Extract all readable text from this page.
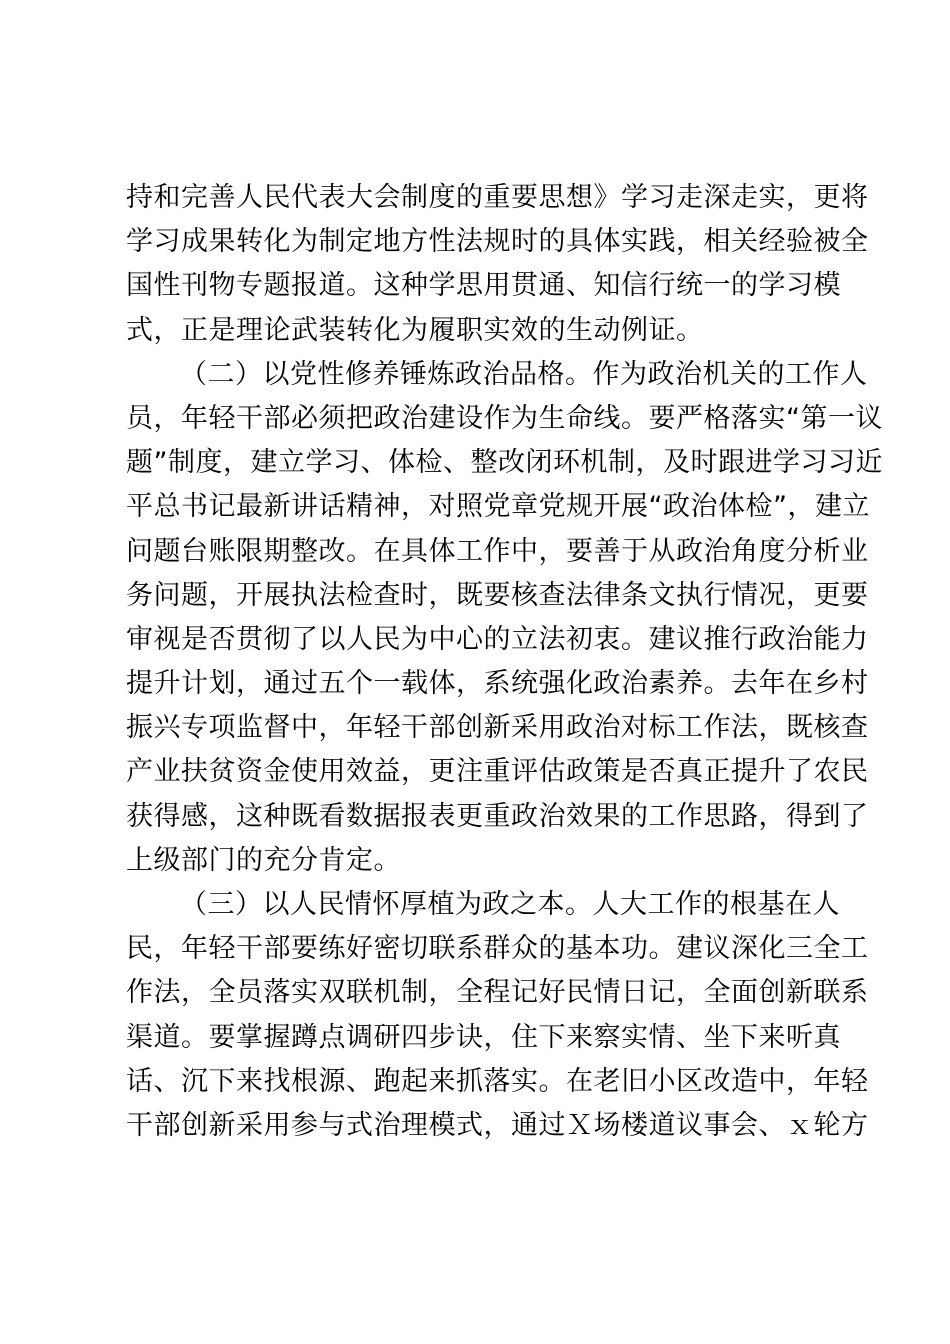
持和完善人民代表大会制度的重要思想》学习走深走实，更将
学习成果转化为制定地方性法规时的具体实践，相关经验被全
国性刊物专题报道。这种学思用贯通、知信行统一的学习模
式，正是理论武装转化为履职实效的生动例证。
（二）以党性修养锤炼政治品格。作为政治机关的工作人
员，年轻干部必须把政治建设作为生命线。要严格落实“第一议
题”制度，建立学习、体检、整改闭环机制，及时跟进学习习近
平总书记最新讲话精神，对照党章党规开展“政治体检”，建立
问题台账限期整改。在具体工作中，要善于从政治角度分析业
务问题，开展执法检查时，既要核查法律条文执行情况，更要
审视是否贯彻了以人民为中心的立法初衷。建议推行政治能力
提升计划，通过五个一载体，系统强化政治素养。去年在乡村
振兴专项监督中，年轻干部创新采用政治对标工作法，既核查
产业扶贫资金使用效益，更注重评估政策是否真正提升了农民
获得感，这种既看数据报表更重政治效果的工作思路，得到了
上级部门的充分肯定。
（三）以人民情怀厚植为政之本。人大工作的根基在人
民，年轻干部要练好密切联系群众的基本功。建议深化三全工
作法，全员落实双联机制，全程记好民情日记，全面创新联系
渠道。要掌握蹲点调研四步诀，住下来察实情、坐下来听真
话、沉下来找根源、跑起来抓落实。在老旧小区改造中，年轻
干部创新采用参与式治理模式，通过Ｘ场楼道议事会、ｘ轮方
